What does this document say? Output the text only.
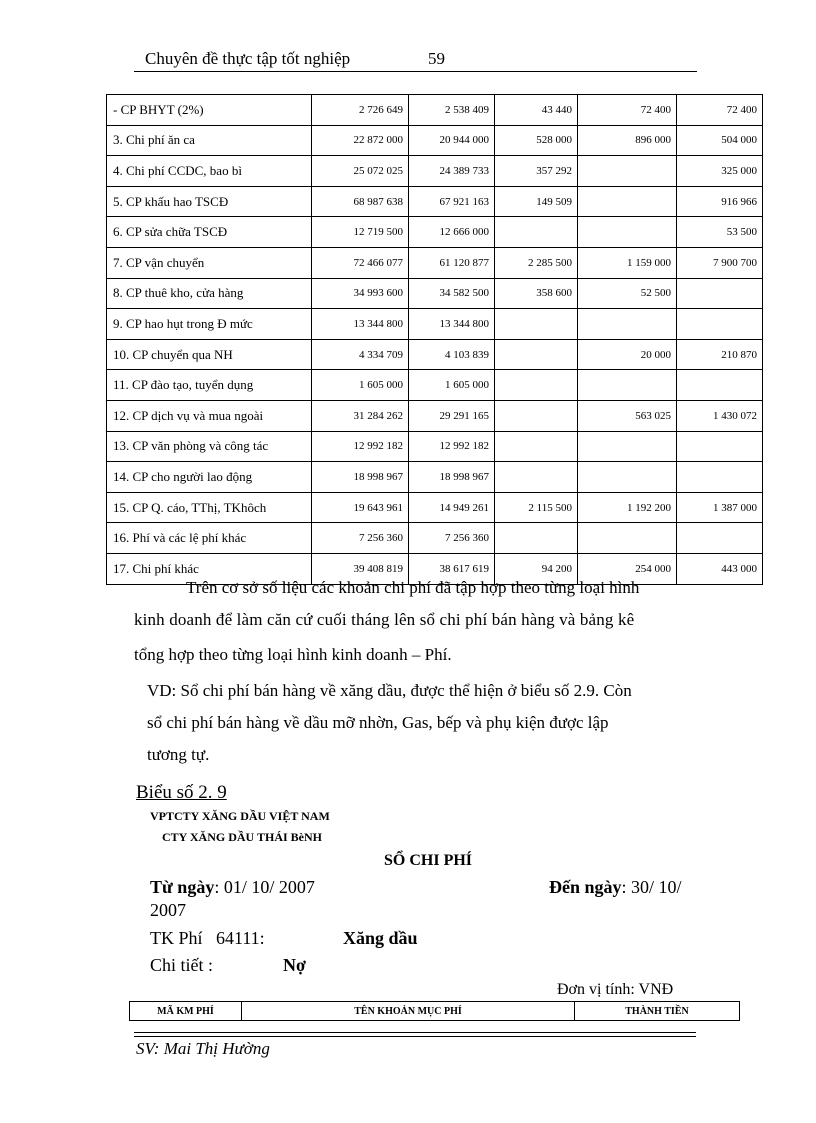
Chuyên đề thực tập tốt nghiệp	59
- CP BHYT (2%)	2 726 649	2 538 409	43 440	72 400	72 400
3. Chi phí ăn ca	22 872 000	20 944 000	528 000	896 000	504 000
4. Chi phí CCDC, bao bì	25 072 025	24 389 733	357 292		325 000
5. CP khấu hao TSCĐ	68 987 638	67 921 163	149 509		916 966
6. CP sửa chữa TSCĐ	12 719 500	12 666 000			53 500
7. CP vận chuyển	72 466 077	61 120 877	2 285 500	1 159 000	7 900 700
8. CP thuê kho, cửa hàng	34 993 600	34 582 500	358 600	52 500	
9. CP hao hụt trong Đ mức	13 344 800	13 344 800			
10. CP chuyển qua NH	4 334 709	4 103 839		20 000	210 870
11. CP đào tạo, tuyển dụng	1 605 000	1 605 000			
12. CP dịch vụ và mua ngoài	31 284 262	29 291 165		563 025	1 430 072
13. CP văn phòng và công tác	12 992 182	12 992 182			
14. CP cho người lao động	18 998 967	18 998 967			
15. CP Q. cáo, TThị, TKhôch	19 643 961	14 949 261	2 115 500	1 192 200	1 387 000
16. Phí và các lệ phí khác	7 256 360	7 256 360			
17. Chi phí khác	39 408 819	38 617 619	94 200	254 000	443 000
Trên cơ sở số liệu các khoản chi phí đã tập hợp theo từng loại hình
kinh doanh để làm căn cứ cuối tháng lên sổ chi phí bán hàng và bảng kê
tổng hợp theo từng loại hình kinh doanh – Phí.
VD: Sổ chi phí bán hàng về xăng dầu, được thể hiện ở biểu số 2.9. Còn
sổ chi phí bán hàng về dầu mỡ nhờn, Gas, bếp và phụ kiện được lập
tương tự.
Biểu số 2. 9
VPTCTY XĂNG DẦU VIỆT NAM
CTY XĂNG DẦU THÁI BèNH
SỔ CHI PHÍ
Từ ngày: 01/ 10/ 2007	Đến ngày: 30/ 10/
2007
TK Phí   64111:	Xăng dầu
Chi tiết :	Nợ
Đơn vị tính: VNĐ
MÃ KM PHÍ	TÊN KHOẢN MỤC PHÍ	THÀNH TIỀN
SV: Mai Thị Hường
